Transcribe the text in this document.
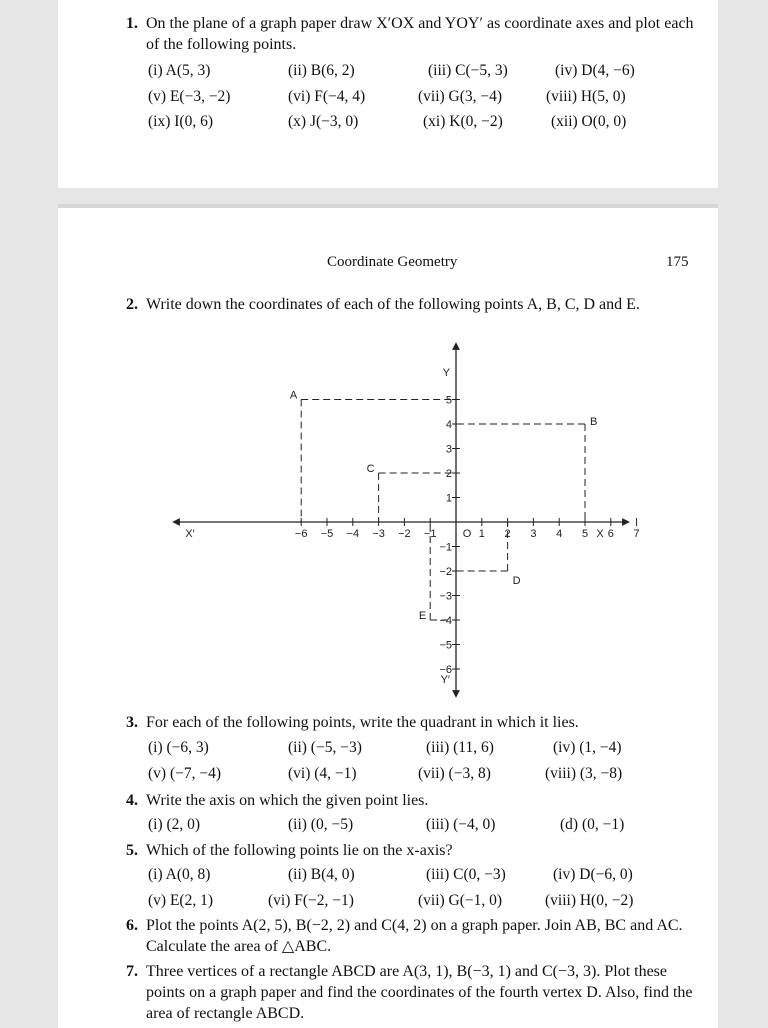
1. On the plane of a graph paper draw X′OX and YOY′ as coordinate axes and plot each of the following points.
(i) A(5, 3)	(ii) B(6, 2)	(iii) C(−5, 3)	(iv) D(4, −6)
(v) E(−3, −2)	(vi) F(−4, 4)	(vii) G(3, −4)	(viii) H(5, 0)
(ix) I(0, 6)	(x) J(−3, 0)	(xi) K(0, −2)	(xii) O(0, 0)
Coordinate Geometry	175
2. Write down the coordinates of each of the following points A, B, C, D and E.
−6 −5 −4 −3 −2 −1	1 2 3 4 5 6 7
5
4
3
2
1
−1
−2
−3
−4
−5
−6
X′	X
Y
Y′
O
A
B
C
D
E
3. For each of the following points, write the quadrant in which it lies.
(i) (−6, 3)	(ii) (−5, −3)	(iii) (11, 6)	(iv) (1, −4)
(v) (−7, −4)	(vi) (4, −1)	(vii) (−3, 8)	(viii) (3, −8)
4. Write the axis on which the given point lies.
(i) (2, 0)	(ii) (0, −5)	(iii) (−4, 0)	(d) (0, −1)
5. Which of the following points lie on the x-axis?
(i) A(0, 8)	(ii) B(4, 0)	(iii) C(0, −3)	(iv) D(−6, 0)
(v) E(2, 1)	(vi) F(−2, −1)	(vii) G(−1, 0)	(viii) H(0, −2)
6. Plot the points A(2, 5), B(−2, 2) and C(4, 2) on a graph paper. Join AB, BC and AC. Calculate the area of △ABC.
7. Three vertices of a rectangle ABCD are A(3, 1), B(−3, 1) and C(−3, 3). Plot these points on a graph paper and find the coordinates of the fourth vertex D. Also, find the area of rectangle ABCD.
